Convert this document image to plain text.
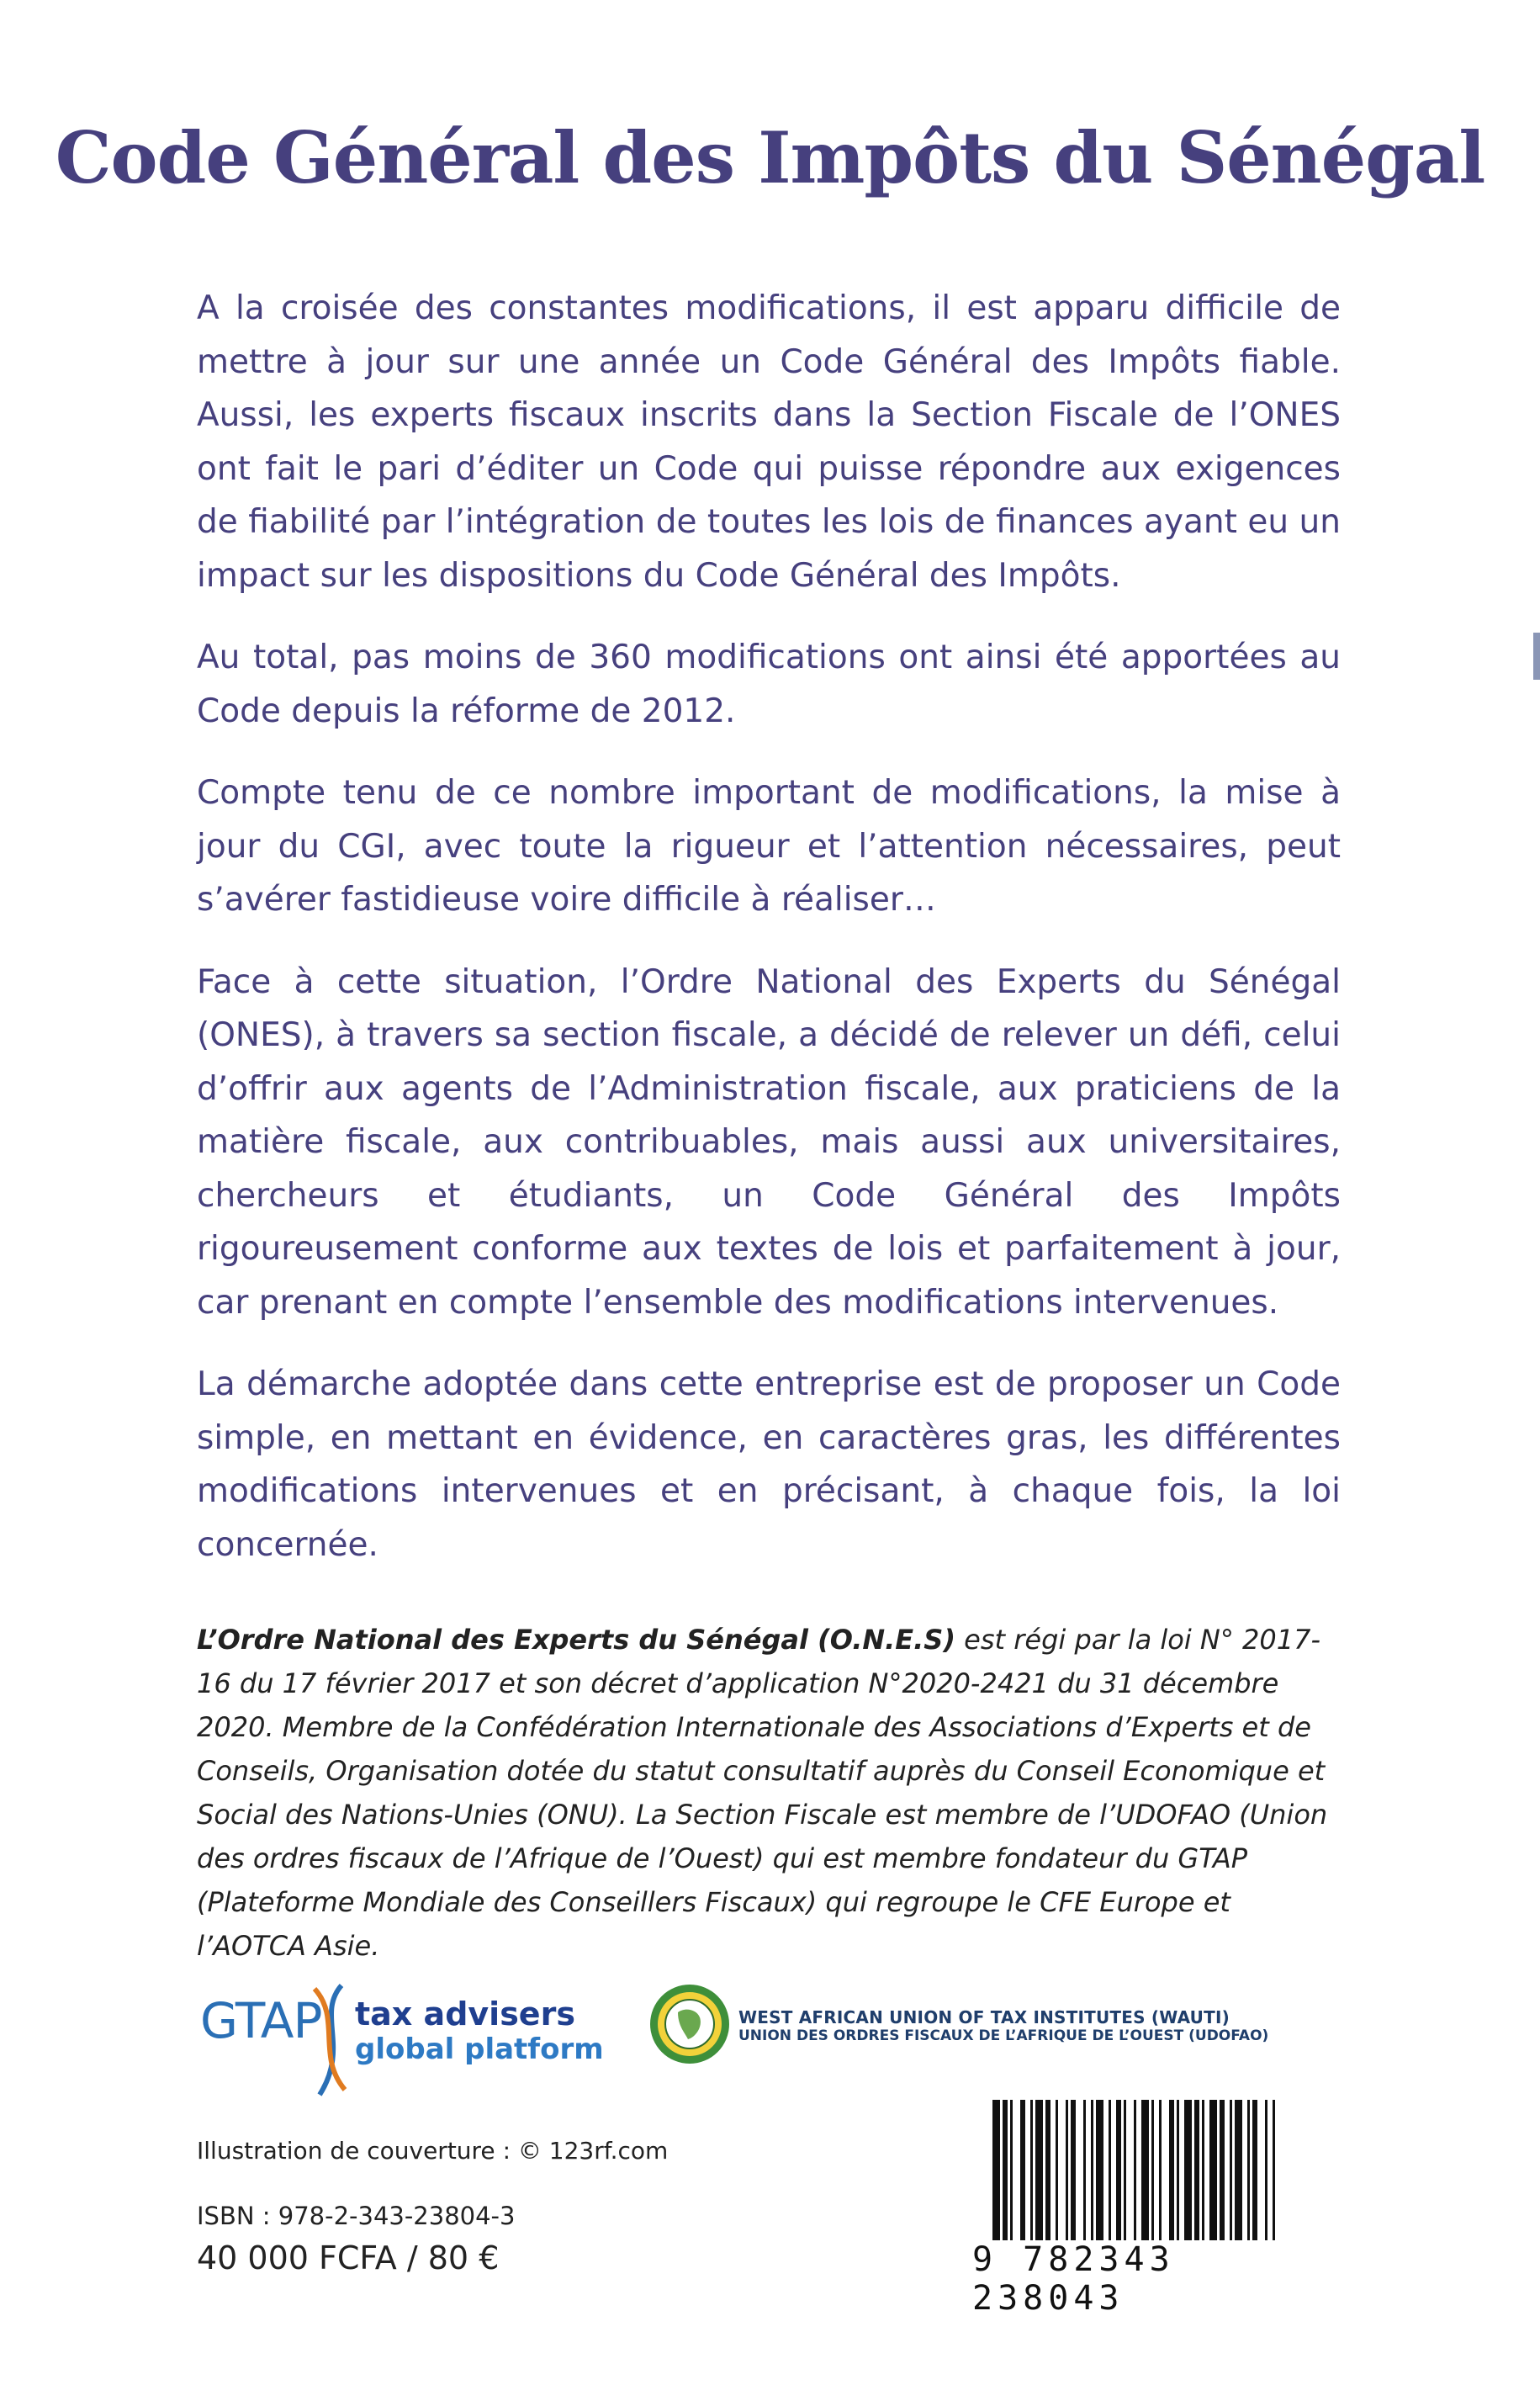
Code Général des Impôts du Sénégal

A la croisée des constantes modifications, il est apparu difficile de mettre à jour sur une année un Code Général des Impôts fiable. Aussi, les experts fiscaux inscrits dans la Section Fiscale de l’ONES ont fait le pari d’éditer un Code qui puisse répondre aux exigences de fiabilité par l’intégration de toutes les lois de finances ayant eu un impact sur les dispositions du Code Général des Impôts.

Au total, pas moins de 360 modifications ont ainsi été apportées au Code depuis la réforme de 2012.

Compte tenu de ce nombre important de modifications, la mise à jour du CGI, avec toute la rigueur et l’attention nécessaires, peut s’avérer fastidieuse voire difficile à réaliser…

Face à cette situation, l’Ordre National des Experts du Sénégal (ONES), à travers sa section fiscale, a décidé de relever un défi, celui d’offrir aux agents de l’Administration fiscale, aux praticiens de la matière fiscale, aux contribuables, mais aussi aux universitaires, chercheurs et étudiants, un Code Général des Impôts rigoureusement conforme aux textes de lois et parfaitement à jour, car prenant en compte l’ensemble des modifications intervenues.

La démarche adoptée dans cette entreprise est de proposer un Code simple, en mettant en évidence, en caractères gras, les différentes modifications intervenues et en précisant, à chaque fois, la loi concernée.

L’Ordre National des Experts du Sénégal (O.N.E.S) est régi par la loi N° 2017-16 du 17 février 2017 et son décret d’application N°2020-2421 du 31 décembre 2020. Membre de la Confédération Internationale des Associations d’Experts et de Conseils, Organisation dotée du statut consultatif auprès du Conseil Economique et Social des Nations-Unies (ONU). La Section Fiscale est membre de l’UDOFAO (Union des ordres fiscaux de l’Afrique de l’Ouest) qui est membre fondateur du GTAP (Plateforme Mondiale des Conseillers Fiscaux) qui regroupe le CFE Europe et l’AOTCA Asie.
GTAP tax advisers
global platform
WEST AFRICAN UNION OF TAX INSTITUTES (WAUTI)
UNION DES ORDRES FISCAUX DE L’AFRIQUE DE L’OUEST (UDOFAO)
Illustration de couverture : © 123rf.com
ISBN : 978-2-343-23804-3
40 000 FCFA / 80 €	9 782343 238043
